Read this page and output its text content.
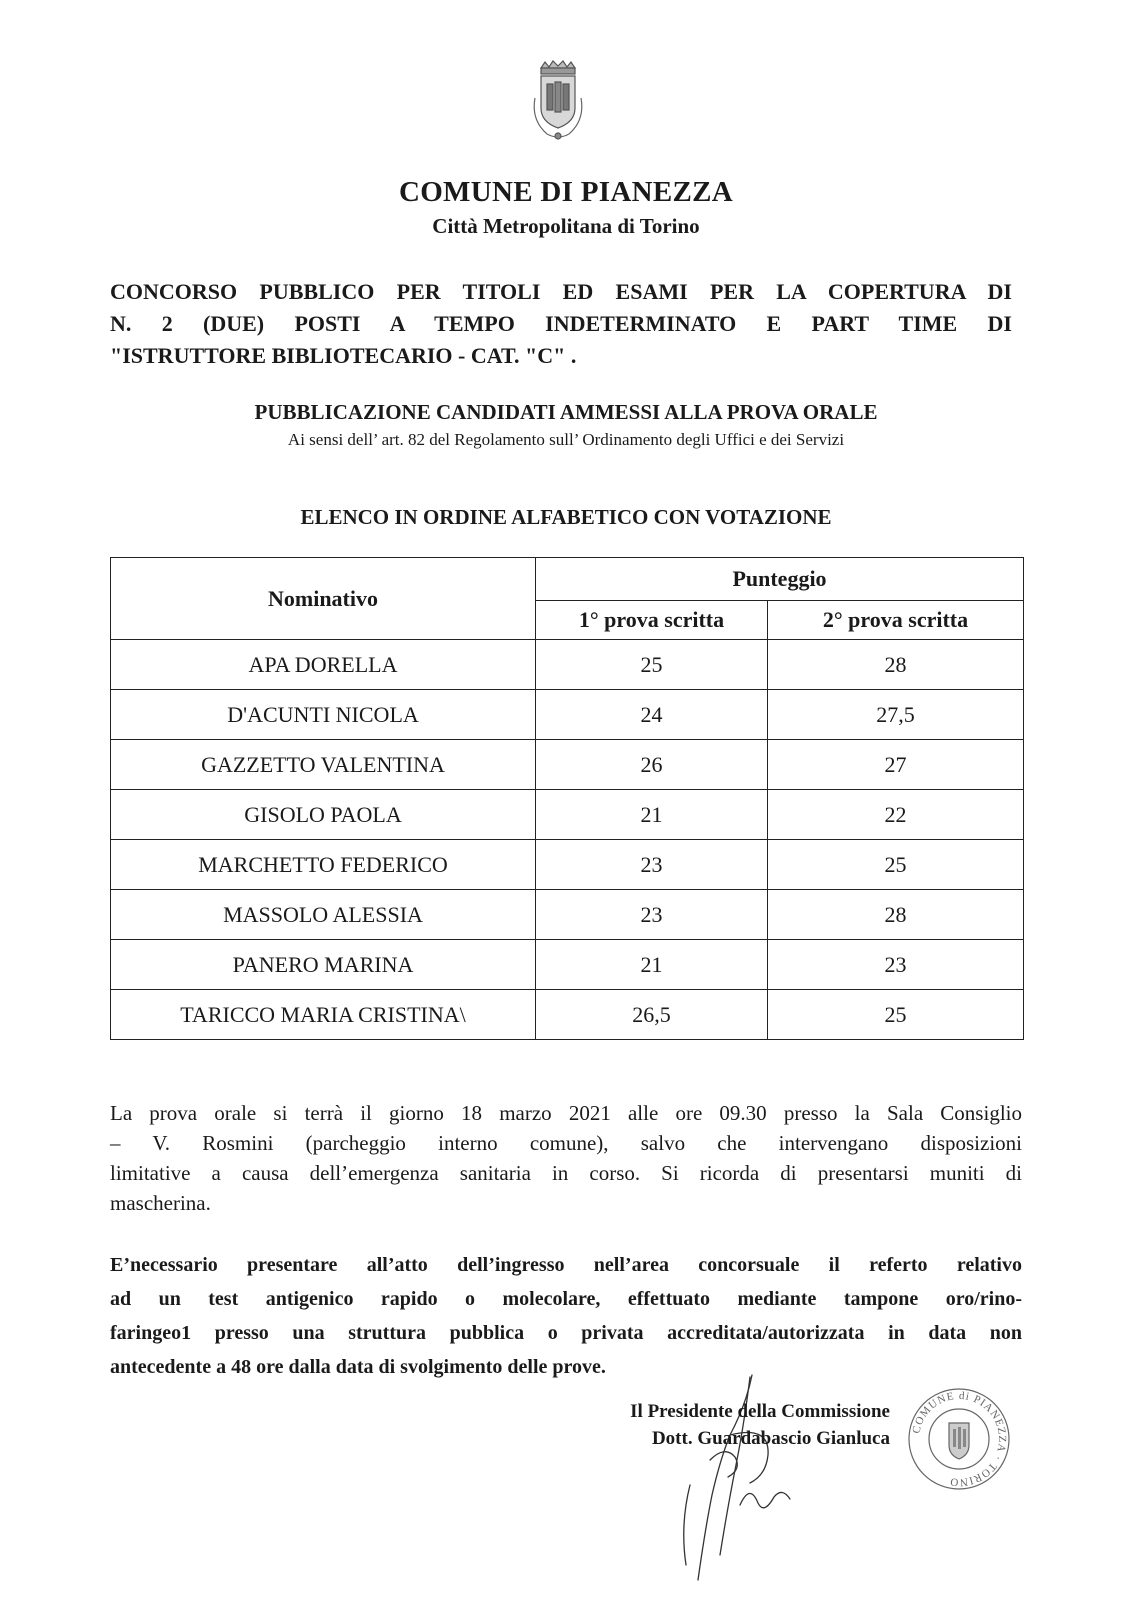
COMUNE DI PIANEZZA
Città Metropolitana di Torino
CONCORSO PUBBLICO PER TITOLI ED ESAMI PER LA COPERTURA DI
N. 2 (DUE) POSTI A TEMPO INDETERMINATO E PART TIME DI
"ISTRUTTORE BIBLIOTECARIO - CAT. "C" .
PUBBLICAZIONE CANDIDATI AMMESSI ALLA PROVA ORALE
Ai sensi dell’ art. 82 del Regolamento sull’ Ordinamento degli Uffici e dei Servizi
ELENCO IN ORDINE ALFABETICO CON VOTAZIONE
Nominativo	Punteggio	
	1° prova scritta	2° prova scritta
APA DORELLA	25	28
D'ACUNTI NICOLA	24	27,5
GAZZETTO VALENTINA	26	27
GISOLO PAOLA	21	22
MARCHETTO FEDERICO	23	25
MASSOLO ALESSIA	23	28
PANERO MARINA	21	23
TARICCO MARIA CRISTINA\	26,5	25
La prova orale si terrà il giorno 18 marzo 2021 alle ore 09.30 presso la Sala Consiglio
– V. Rosmini (parcheggio interno comune), salvo che intervengano disposizioni
limitative a causa dell’emergenza sanitaria in corso. Si ricorda di presentarsi muniti di
mascherina.
E’necessario presentare all’atto dell’ingresso nell’area concorsuale il referto relativo
ad un test antigenico rapido o molecolare, effettuato mediante tampone oro/rino-
faringeo1 presso una struttura pubblica o privata accreditata/autorizzata in data non
antecedente a 48 ore dalla data di svolgimento delle prove.
Il Presidente della Commissione
Dott. Guardabascio Gianluca COMUNE di PIANEZZA · TORINO
